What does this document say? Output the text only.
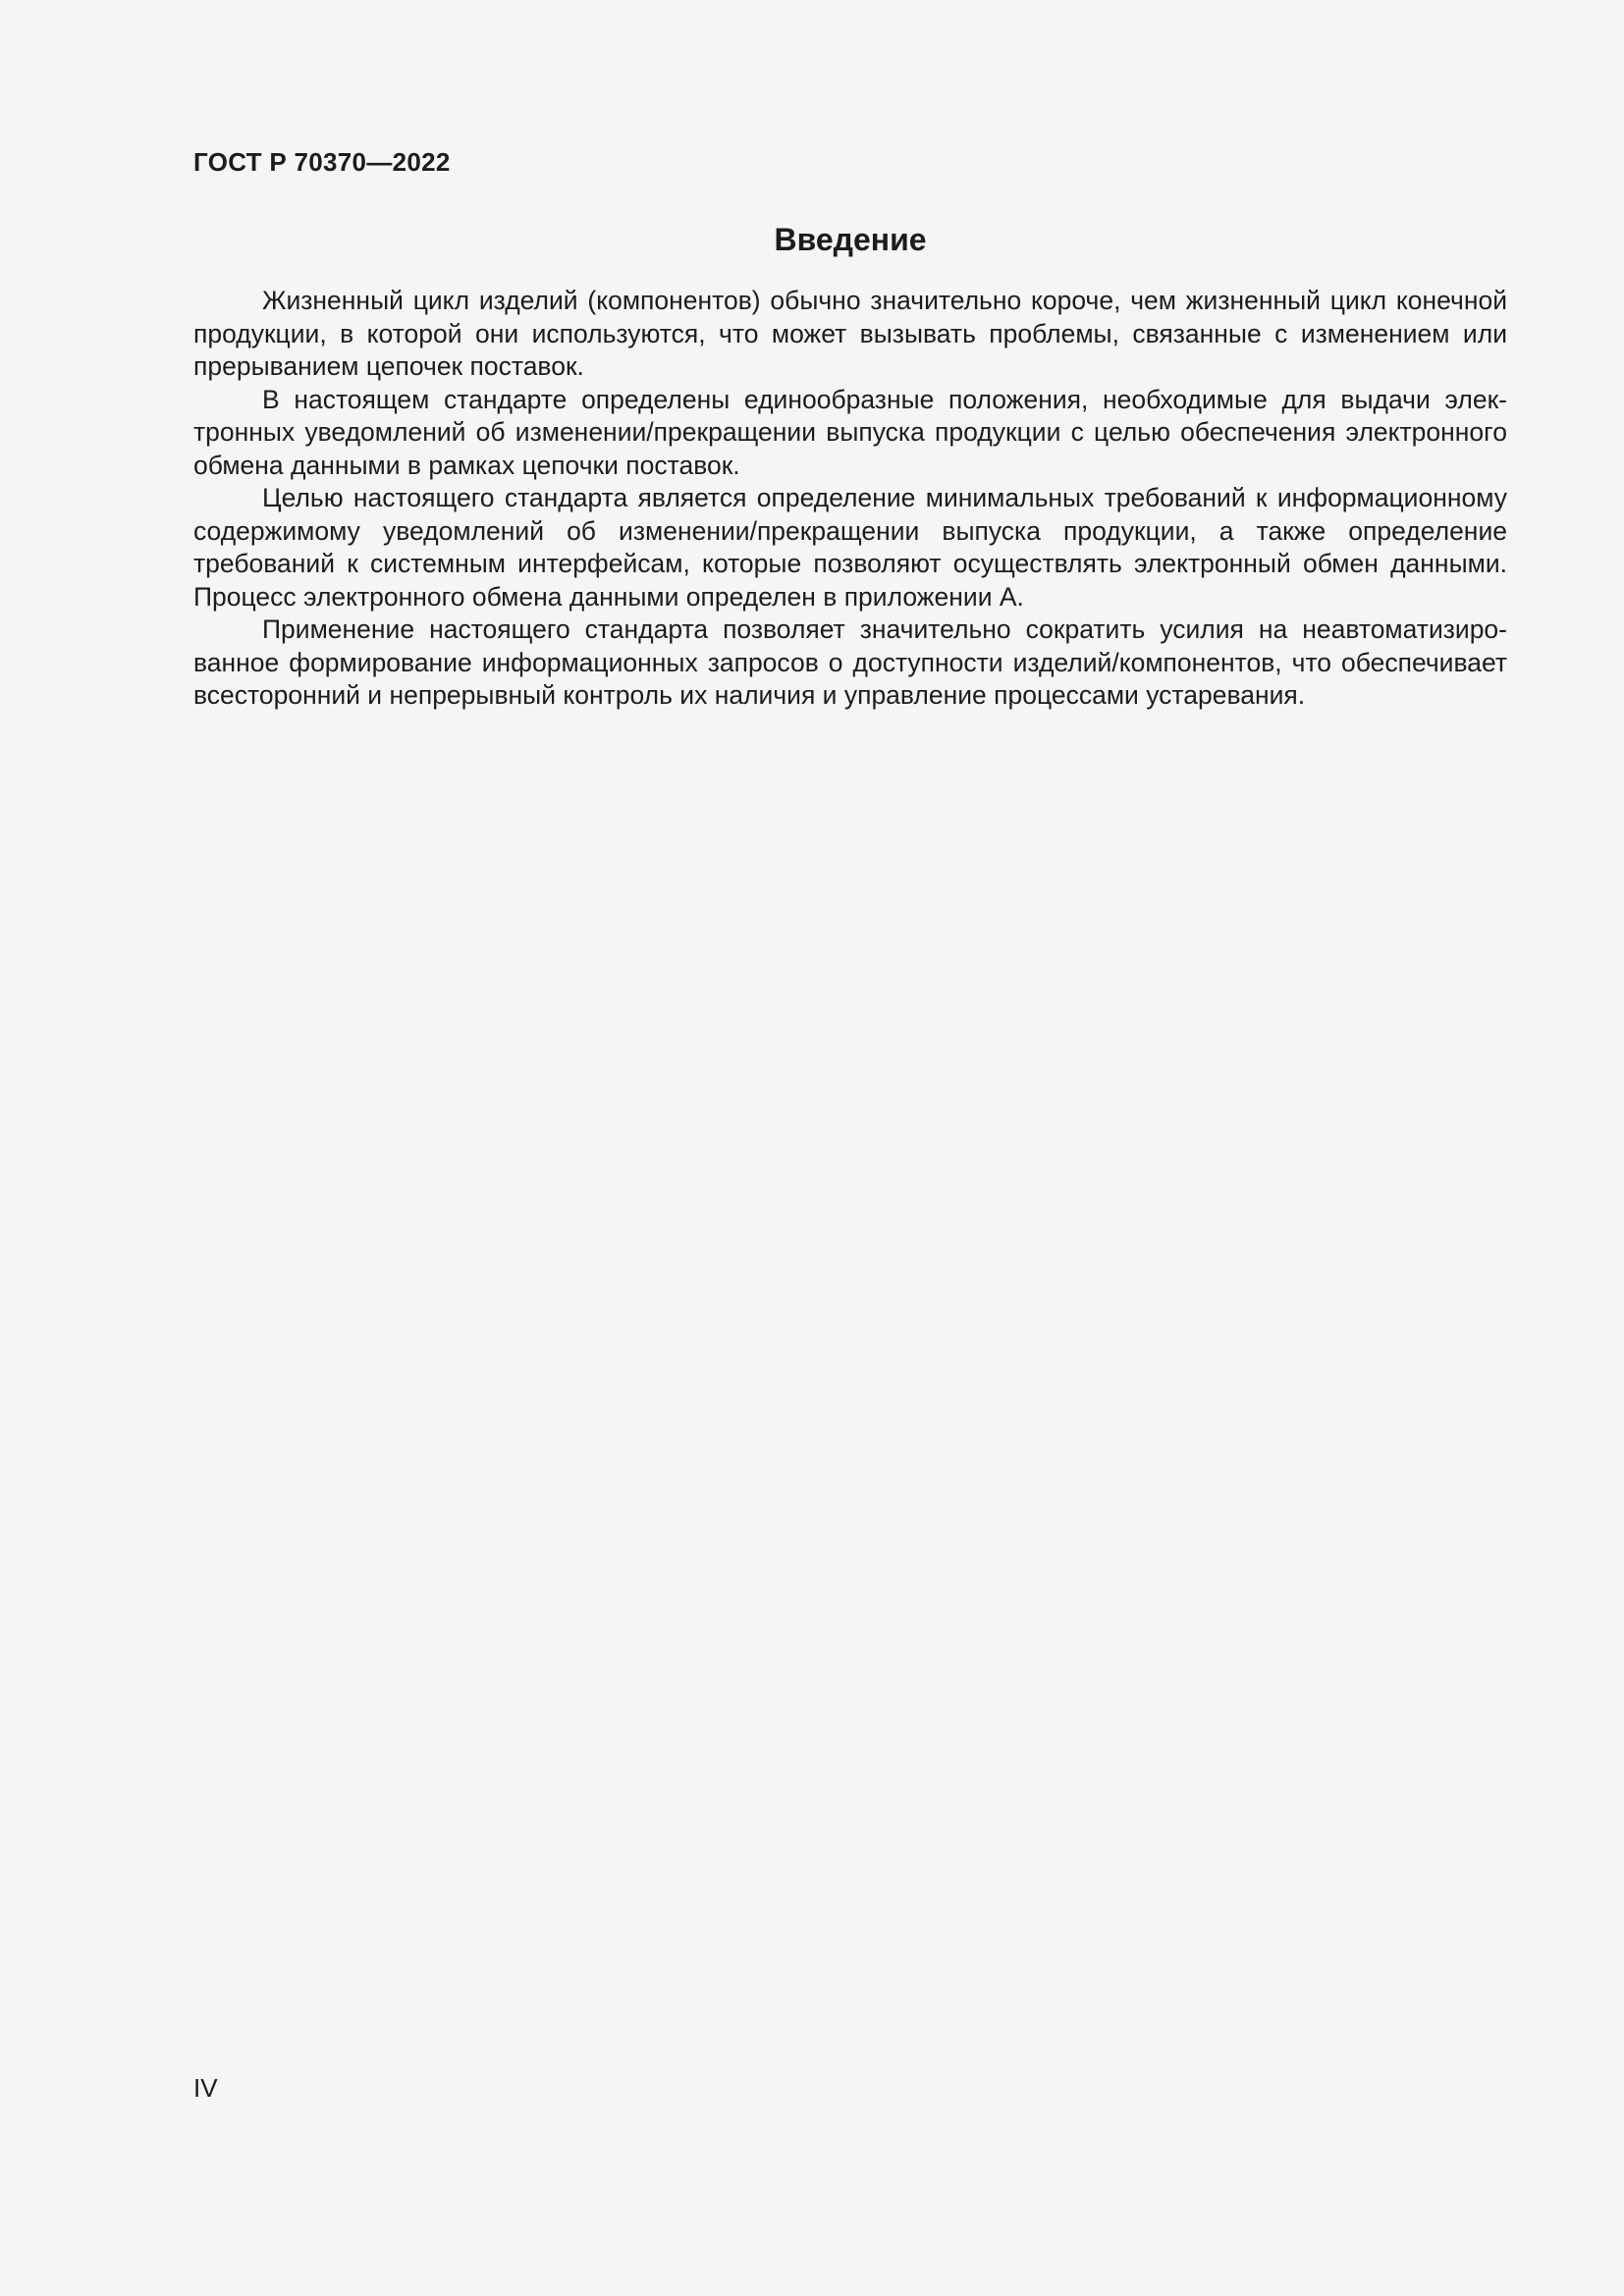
ГОСТ Р 70370—2022
Введение

Жизненный цикл изделий (компонентов) обычно значительно короче, чем жизненный цикл конечной продукции, в которой они используются, что может вызывать проблемы, связанные с изменением или прерыванием цепочек поставок.

В настоящем стандарте определены единообразные положения, необходимые для выдачи электронных уведомлений об изменении/прекращении выпуска продукции с целью обеспечения электронного обмена данными в рамках цепочки поставок.

Целью настоящего стандарта является определение минимальных требований к информационному содержимому уведомлений об изменении/прекращении выпуска продукции, а также определение требований к системным интерфейсам, которые позволяют осуществлять электронный обмен данными. Процесс электронного обмена данными определен в приложении А.

Применение настоящего стандарта позволяет значительно сократить усилия на неавтоматизированное формирование информационных запросов о доступности изделий/компонентов, что обеспечивает всесторонний и непрерывный контроль их наличия и управление процессами устаревания.

IV
